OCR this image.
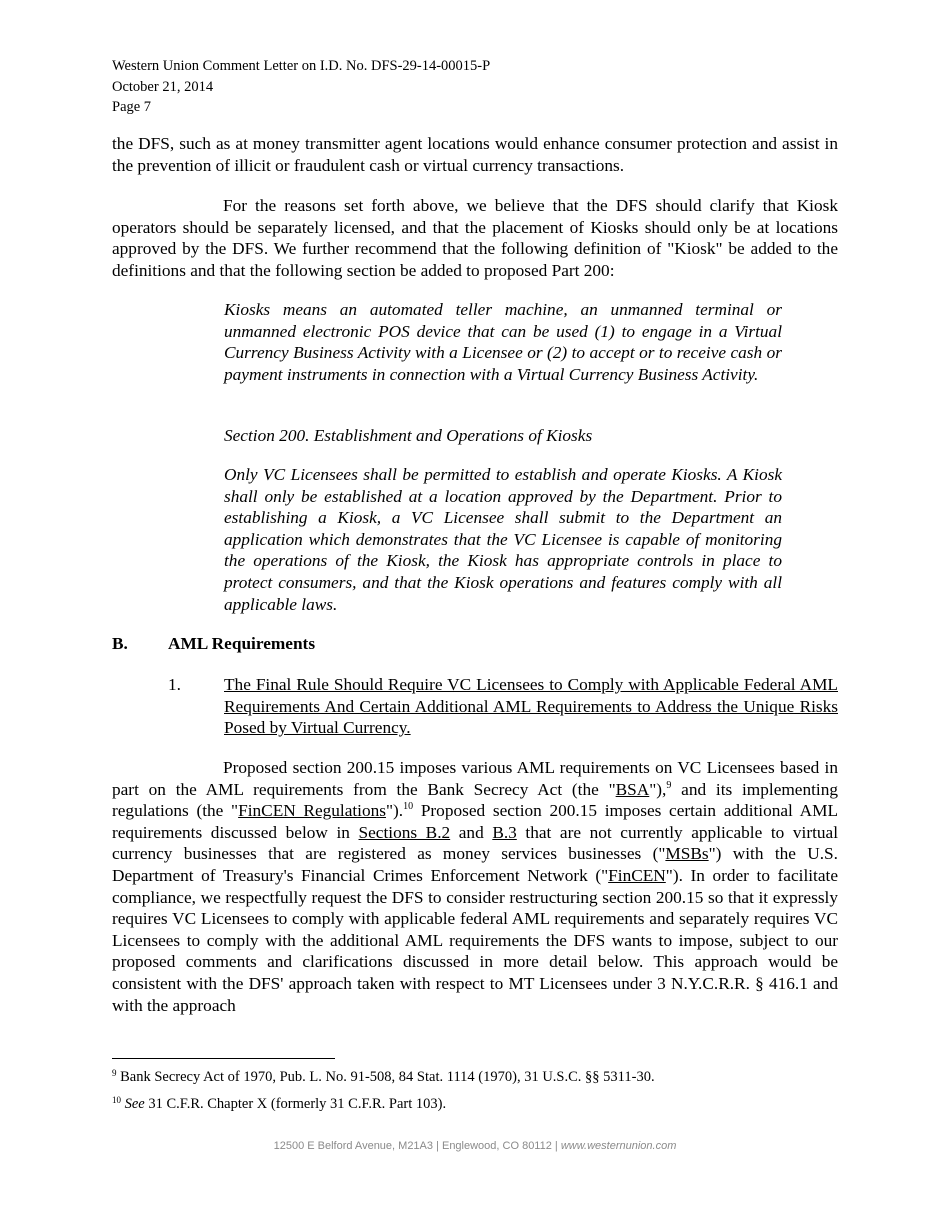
Western Union Comment Letter on I.D. No. DFS-29-14-00015-P
October 21, 2014
Page 7
the DFS, such as at money transmitter agent locations would enhance consumer protection and assist in the prevention of illicit or fraudulent cash or virtual currency transactions.
For the reasons set forth above, we believe that the DFS should clarify that Kiosk operators should be separately licensed, and that the placement of Kiosks should only be at locations approved by the DFS. We further recommend that the following definition of "Kiosk" be added to the definitions and that the following section be added to proposed Part 200:
Kiosks means an automated teller machine, an unmanned terminal or unmanned electronic POS device that can be used (1) to engage in a Virtual Currency Business Activity with a Licensee or (2) to accept or to receive cash or payment instruments in connection with a Virtual Currency Business Activity.
Section 200. Establishment and Operations of Kiosks
Only VC Licensees shall be permitted to establish and operate Kiosks. A Kiosk shall only be established at a location approved by the Department. Prior to establishing a Kiosk, a VC Licensee shall submit to the Department an application which demonstrates that the VC Licensee is capable of monitoring the operations of the Kiosk, the Kiosk has appropriate controls in place to protect consumers, and that the Kiosk operations and features comply with all applicable laws.
B. AML Requirements
1. The Final Rule Should Require VC Licensees to Comply with Applicable Federal AML Requirements And Certain Additional AML Requirements to Address the Unique Risks Posed by Virtual Currency.
Proposed section 200.15 imposes various AML requirements on VC Licensees based in part on the AML requirements from the Bank Secrecy Act (the "BSA"),$^9$ and its implementing regulations (the "FinCEN Regulations").$^{10}$ Proposed section 200.15 imposes certain additional AML requirements discussed below in Sections B.2 and B.3 that are not currently applicable to virtual currency businesses that are registered as money services businesses ("MSBs") with the U.S. Department of Treasury's Financial Crimes Enforcement Network ("FinCEN"). In order to facilitate compliance, we respectfully request the DFS to consider restructuring section 200.15 so that it expressly requires VC Licensees to comply with applicable federal AML requirements and separately requires VC Licensees to comply with the additional AML requirements the DFS wants to impose, subject to our proposed comments and clarifications discussed in more detail below. This approach would be consistent with the DFS' approach taken with respect to MT Licensees under 3 N.Y.C.R.R. § 416.1 and with the approach
$^9$ Bank Secrecy Act of 1970, Pub. L. No. 91-508, 84 Stat. 1114 (1970), 31 U.S.C. §§ 5311-30.
$^{10}$ See 31 C.F.R. Chapter X (formerly 31 C.F.R. Part 103).
12500 E Belford Avenue, M21A3 | Englewood, CO 80112 | www.westernunion.com
